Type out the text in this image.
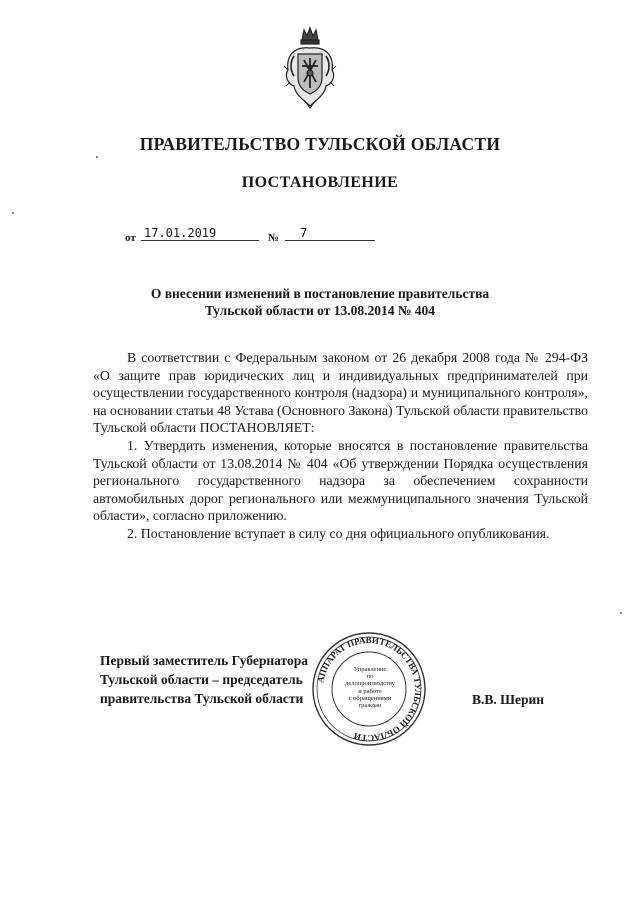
ПРАВИТЕЛЬСТВО ТУЛЬСКОЙ ОБЛАСТИ
ПОСТАНОВЛЕНИЕ
от 17.01.2019	№ 7
О внесении изменений в постановление правительства
Тульской области от 13.08.2014 № 404

В соответствии с Федеральным законом от 26 декабря 2008 года № 294-ФЗ «О защите прав юридических лиц и индивидуальных предпринимателей при осуществлении государственного контроля (надзора) и муниципального контроля», на основании статьи 48 Устава (Основного Закона) Тульской области правительство Тульской области ПОСТАНОВЛЯЕТ:

1. Утвердить изменения, которые вносятся в постановление правительства Тульской области от 13.08.2014 № 404 «Об утверждении Порядка осуществления регионального государственного надзора за обеспечением сохранности автомобильных дорог регионального или межмуниципального значения Тульской области», согласно приложению.

2. Постановление вступает в силу со дня официального опубликования.

АППАРАТ ПРАВИТЕЛЬСТВА ТУЛЬСКОЙ ОБЛАСТИ
Управление
по делопроизводству
и работе
с обращениями
граждан
Первый заместитель Губернатора
Тульской области – председатель
правительства Тульской области	В.В. Шерин
